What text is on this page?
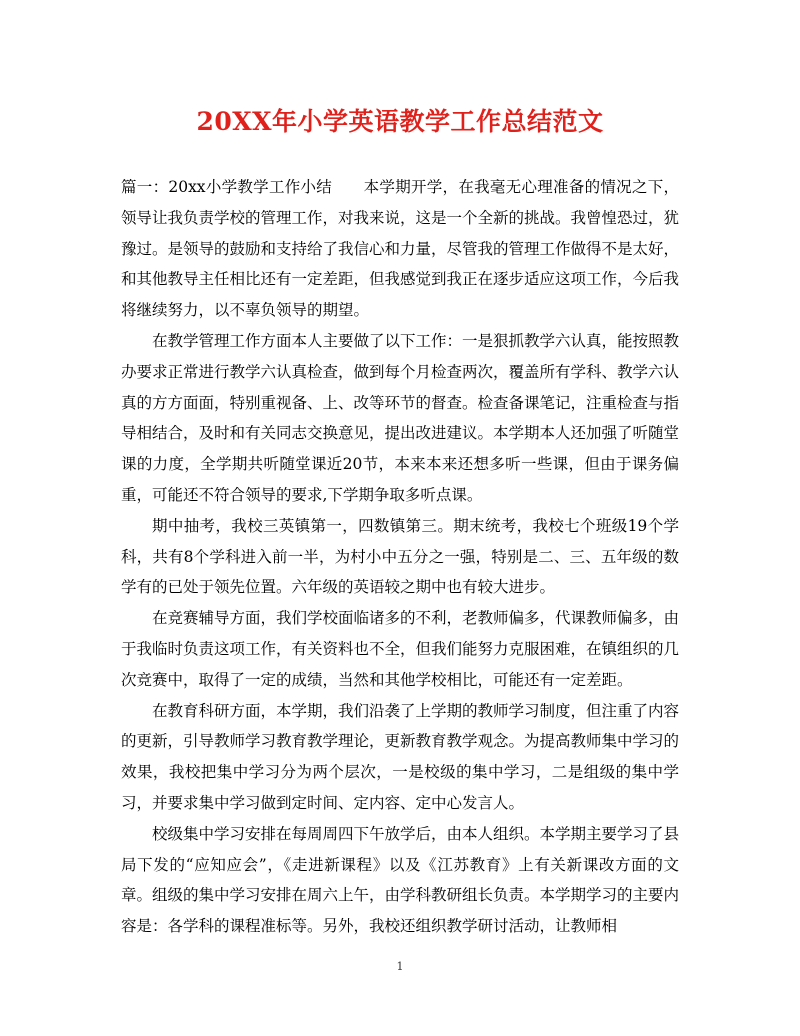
20XX年小学英语教学工作总结范文

篇一：20xx小学教学工作小结　　本学期开学，在我毫无心理准备的情况之下，领导让我负责学校的管理工作，对我来说，这是一个全新的挑战。我曾惶恐过，犹豫过。是领导的鼓励和支持给了我信心和力量，尽管我的管理工作做得不是太好，和其他教导主任相比还有一定差距，但我感觉到我正在逐步适应这项工作，今后我将继续努力，以不辜负领导的期望。

在教学管理工作方面本人主要做了以下工作：一是狠抓教学六认真，能按照教办要求正常进行教学六认真检查，做到每个月检查两次，覆盖所有学科、教学六认真的方方面面，特别重视备、上、改等环节的督查。检查备课笔记，注重检查与指导相结合，及时和有关同志交换意见，提出改进建议。本学期本人还加强了听随堂课的力度，全学期共听随堂课近20节，本来本来还想多听一些课，但由于课务偏重，可能还不符合领导的要求,下学期争取多听点课。

期中抽考，我校三英镇第一，四数镇第三。期末统考，我校七个班级19个学科，共有8个学科进入前一半，为村小中五分之一强，特别是二、三、五年级的数学有的已处于领先位置。六年级的英语较之期中也有较大进步。

在竞赛辅导方面，我们学校面临诸多的不利，老教师偏多，代课教师偏多，由于我临时负责这项工作，有关资料也不全，但我们能努力克服困难，在镇组织的几次竞赛中，取得了一定的成绩，当然和其他学校相比，可能还有一定差距。

在教育科研方面，本学期，我们沿袭了上学期的教师学习制度，但注重了内容的更新，引导教师学习教育教学理论，更新教育教学观念。为提高教师集中学习的效果，我校把集中学习分为两个层次，一是校级的集中学习，二是组级的集中学习，并要求集中学习做到定时间、定内容、定中心发言人。

校级集中学习安排在每周周四下午放学后，由本人组织。本学期主要学习了县局下发的“应知应会”，《走进新课程》以及《江苏教育》上有关新课改方面的文章。组级的集中学习安排在周六上午，由学科教研组长负责。本学期学习的主要内容是：各学科的课程准标等。另外，我校还组织教学研讨活动，让教师相

1
